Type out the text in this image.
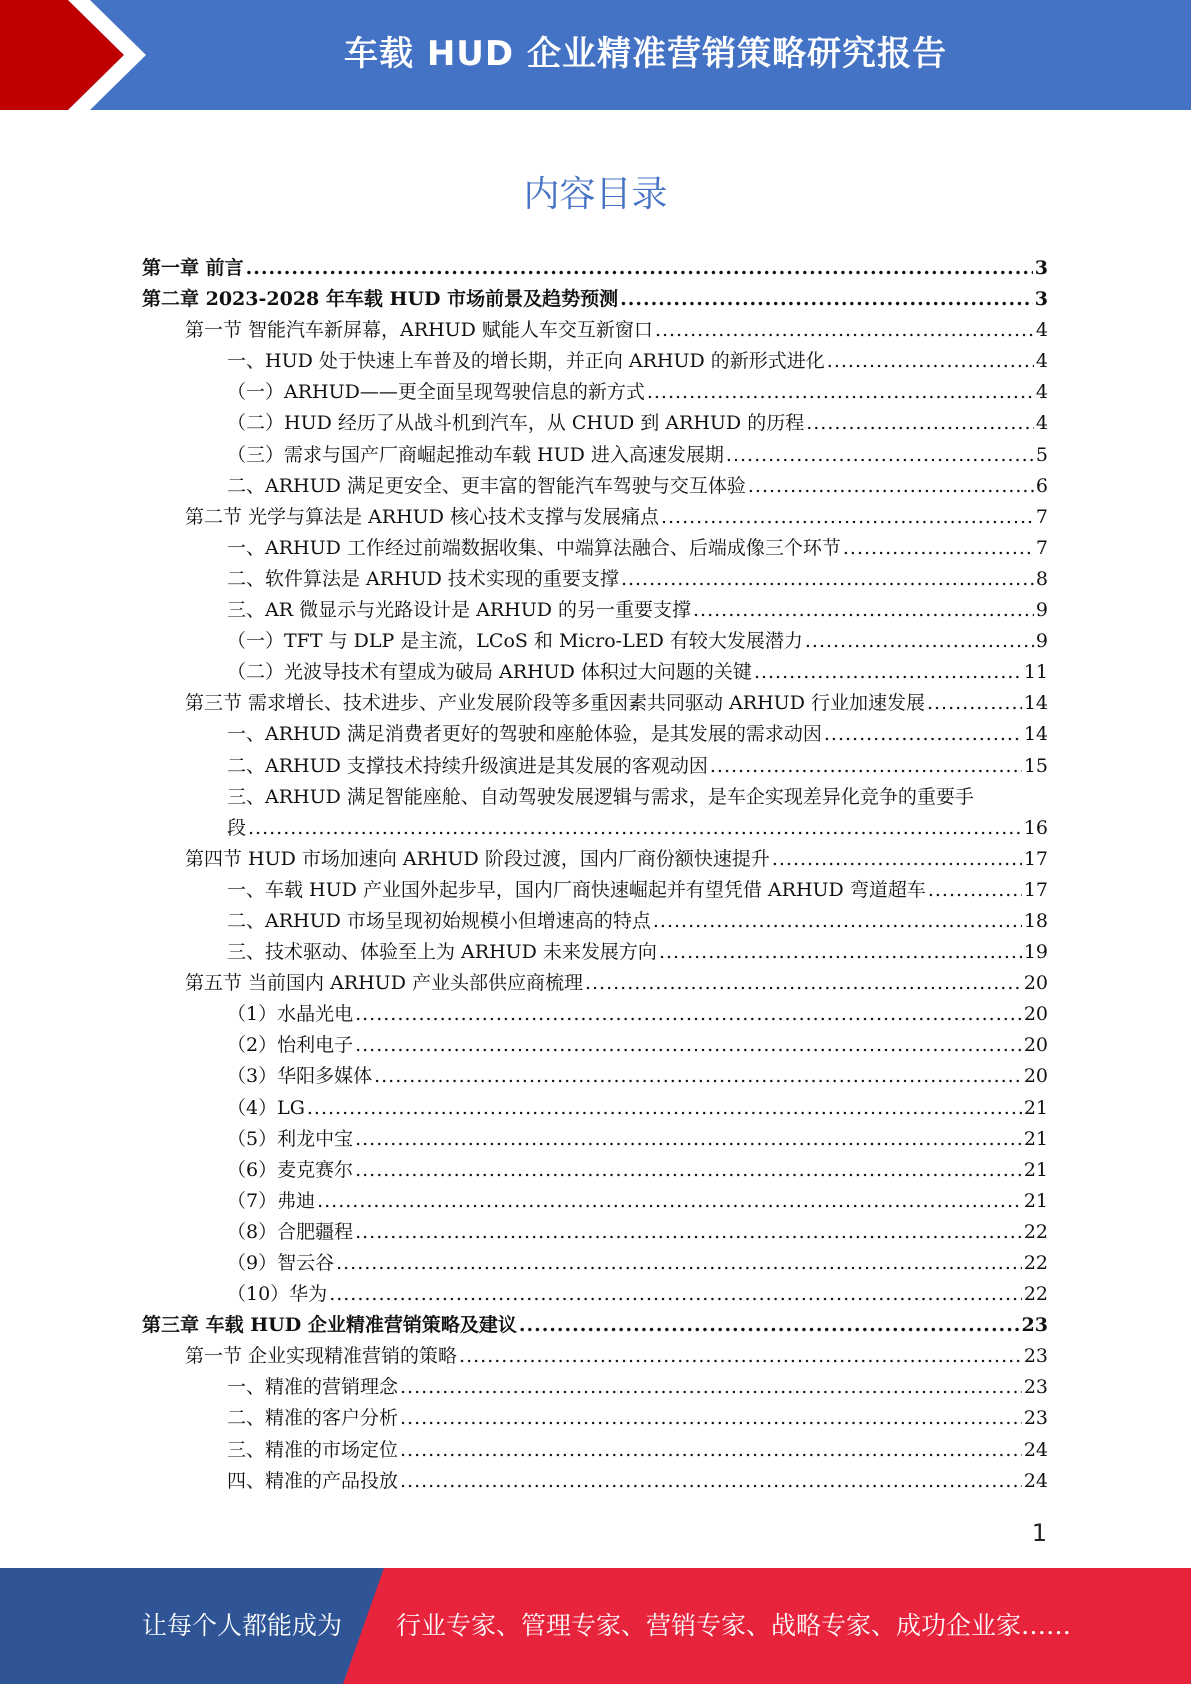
车载 HUD 企业精准营销策略研究报告
内容目录
第一章 前言 .....	3
第二章 2023-2028 年车载 HUD 市场前景及趋势预测 .....	3
第一节 智能汽车新屏幕，ARHUD 赋能人车交互新窗口 .....	4
一、HUD 处于快速上车普及的增长期，并正向 ARHUD 的新形式进化 .....	4
（一）ARHUD——更全面呈现驾驶信息的新方式 .....	4
（二）HUD 经历了从战斗机到汽车，从 CHUD 到 ARHUD 的历程 .....	4
（三）需求与国产厂商崛起推动车载 HUD 进入高速发展期 .....	5
二、ARHUD 满足更安全、更丰富的智能汽车驾驶与交互体验 .....	6
第二节 光学与算法是 ARHUD 核心技术支撑与发展痛点 .....	7
一、ARHUD 工作经过前端数据收集、中端算法融合、后端成像三个环节 .....	7
二、软件算法是 ARHUD 技术实现的重要支撑 .....	8
三、AR 微显示与光路设计是 ARHUD 的另一重要支撑 .....	9
（一）TFT 与 DLP 是主流，LCoS 和 Micro-LED 有较大发展潜力 .....	9
（二）光波导技术有望成为破局 ARHUD 体积过大问题的关键 .....	11
第三节 需求增长、技术进步、产业发展阶段等多重因素共同驱动 ARHUD 行业加速发展 .....	14
一、ARHUD 满足消费者更好的驾驶和座舱体验，是其发展的需求动因 .....	14
二、ARHUD 支撑技术持续升级演进是其发展的客观动因 .....	15
三、ARHUD 满足智能座舱、自动驾驶发展逻辑与需求，是车企实现差异化竞争的重要手
段 .....	16
第四节 HUD 市场加速向 ARHUD 阶段过渡，国内厂商份额快速提升 .....	17
一、车载 HUD 产业国外起步早，国内厂商快速崛起并有望凭借 ARHUD 弯道超车 .....	17
二、ARHUD 市场呈现初始规模小但增速高的特点 .....	18
三、技术驱动、体验至上为 ARHUD 未来发展方向 .....	19
第五节 当前国内 ARHUD 产业头部供应商梳理 .....	20
（1）水晶光电 .....	20
（2）怡利电子 .....	20
（3）华阳多媒体 .....	20
（4）LG .....	21
（5）利龙中宝 .....	21
（6）麦克赛尔 .....	21
（7）弗迪 .....	21
（8）合肥疆程 .....	22
（9）智云谷 .....	22
（10）华为 .....	22
第三章 车载 HUD 企业精准营销策略及建议 .....	23
第一节 企业实现精准营销的策略 .....	23
一、精准的营销理念 .....	23
二、精准的客户分析 .....	23
三、精准的市场定位 .....	24
四、精准的产品投放 .....	24
1
让每个人都能成为 行业专家、管理专家、营销专家、战略专家、成功企业家……
